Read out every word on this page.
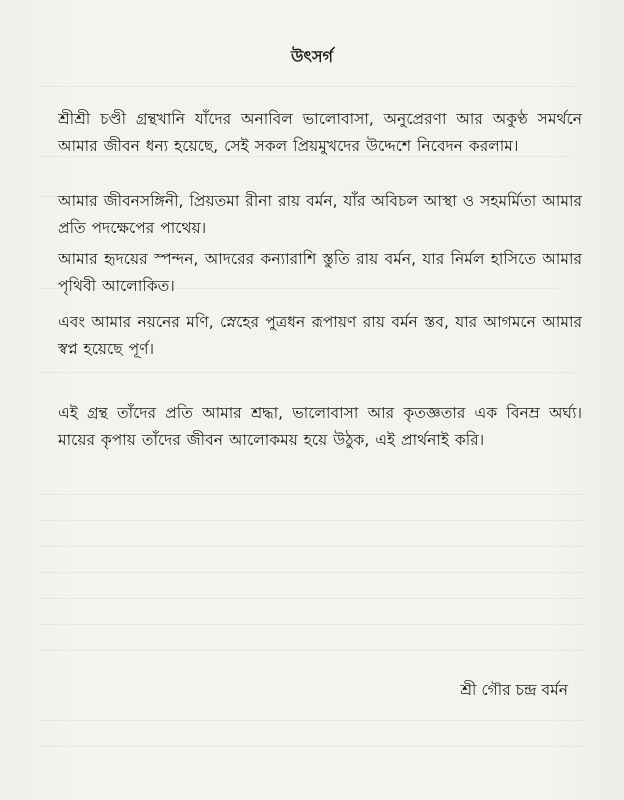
উৎসর্গ
শ্রীশ্রী চণ্ডী গ্রন্থখানি যাঁদের অনাবিল ভালোবাসা, অনুপ্রেরণা আর অকুণ্ঠ সমর্থনে আমার জীবন ধন্য হয়েছে, সেই সকল প্রিয়মুখদের উদ্দেশে নিবেদন করলাম।
আমার জীবনসঙ্গিনী, প্রিয়তমা রীনা রায় বর্মন, যাঁর অবিচল আস্থা ও সহমর্মিতা আমার প্রতি পদক্ষেপের পাথেয়।
আমার হৃদয়ের স্পন্দন, আদরের কন্যারাশি স্তুতি রায় বর্মন, যার নির্মল হাসিতে আমার পৃথিবী আলোকিত।
এবং আমার নয়নের মণি, স্নেহের পুত্রধন রূপায়ণ রায় বর্মন স্তব, যার আগমনে আমার স্বপ্ন হয়েছে পূর্ণ।
এই গ্রন্থ তাঁদের প্রতি আমার শ্রদ্ধা, ভালোবাসা আর কৃতজ্ঞতার এক বিনম্র অর্ঘ্য। মায়ের কৃপায় তাঁদের জীবন আলোকময় হয়ে উঠুক, এই প্রার্থনাই করি।
শ্রী গৌর চন্দ্র বর্মন
